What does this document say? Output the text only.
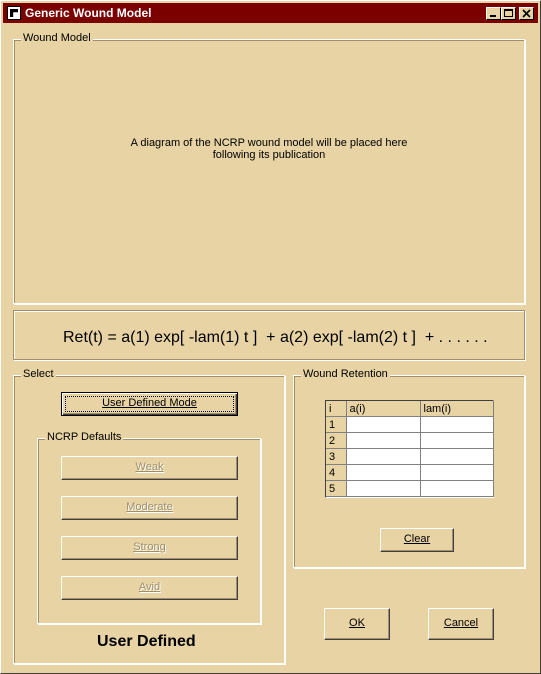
Generic Wound Model
Wound Model
A diagram of the NCRP wound model will be placed here
following its publication
Ret(t) = a(1) exp[ -lam(1) t ]  + a(2) exp[ -lam(2) t ]  + . . . . . .
Select
User Defined Mode
NCRP Defaults
Weak
Moderate
Strong
Avid
User Defined
Wound Retention
i	a(i)	lam(i)
1		
2		
3		
4		
5		
Clear
OK	Cancel
